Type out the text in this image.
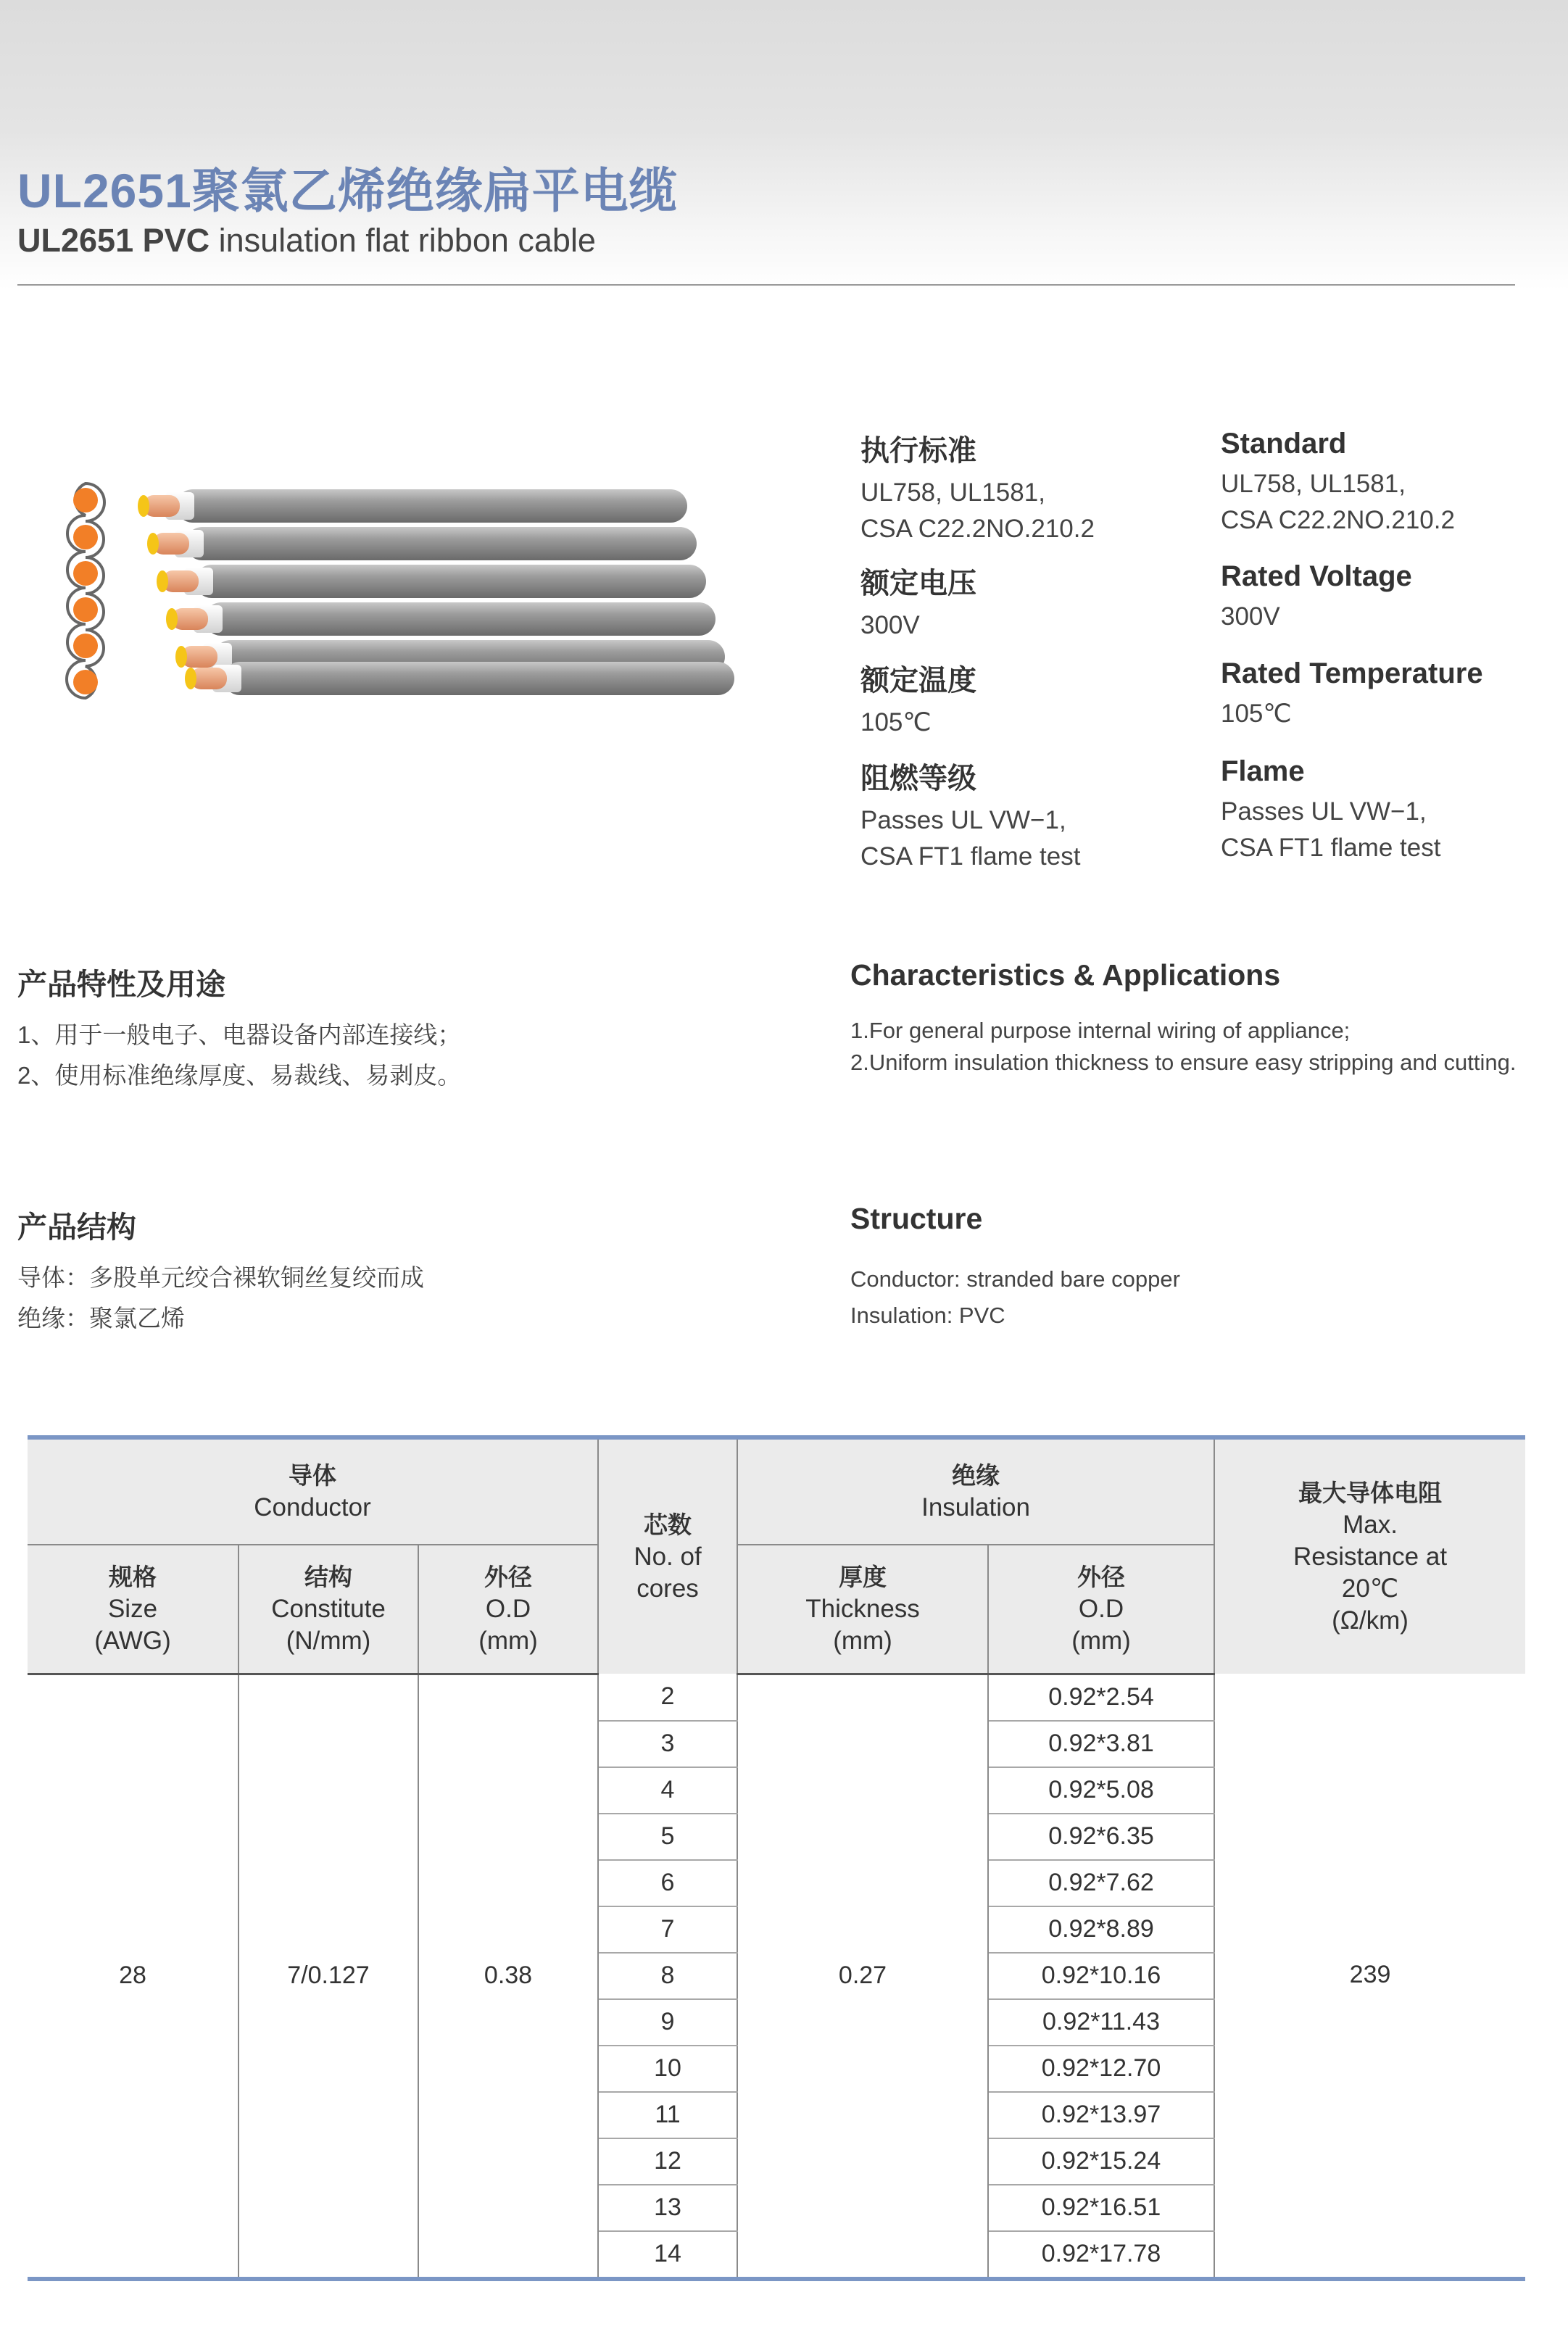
UL2651聚氯乙烯绝缘扁平电缆
UL2651 PVC insulation flat ribbon cable
执行标准
UL758, UL1581,
CSA C22.2NO.210.2
额定电压
300V
额定温度
105℃
阻燃等级
Passes UL VW−1,
CSA FT1 flame test
Standard
UL758, UL1581,
CSA C22.2NO.210.2
Rated Voltage
300V
Rated Temperature
105℃
Flame
Passes UL VW−1,
CSA FT1 flame test
产品特性及用途
1、用于一般电子、电器设备内部连接线；
2、使用标准绝缘厚度、易裁线、易剥皮。
Characteristics & Applications
1.For general purpose internal wiring of appliance;
2.Uniform insulation thickness to ensure easy stripping and cutting.
产品结构
导体：多股单元绞合裸软铜丝复绞而成
绝缘：聚氯乙烯
Structure
Conductor: stranded bare copper
Insulation: PVC
导体
Conductor			芯数
No. of
cores	绝缘
Insulation		最大导体电阻
Max.
Resistance at
20℃
(Ω/km)

规格
Size
(AWG)	结构
Constitute
(N/mm)	外径
O.D
(mm)		厚度
Thickness
(mm)	外径
O.D
(mm)	

28	7/0.127	0.38	2	0.27	0.92*2.54	239
			3		0.92*3.81	
			4		0.92*5.08	
			5		0.92*6.35	
			6		0.92*7.62	
			7		0.92*8.89	
			8		0.92*10.16	
			9		0.92*11.43	
			10		0.92*12.70	
			11		0.92*13.97	
			12		0.92*15.24	
			13		0.92*16.51	
			14		0.92*17.78	
